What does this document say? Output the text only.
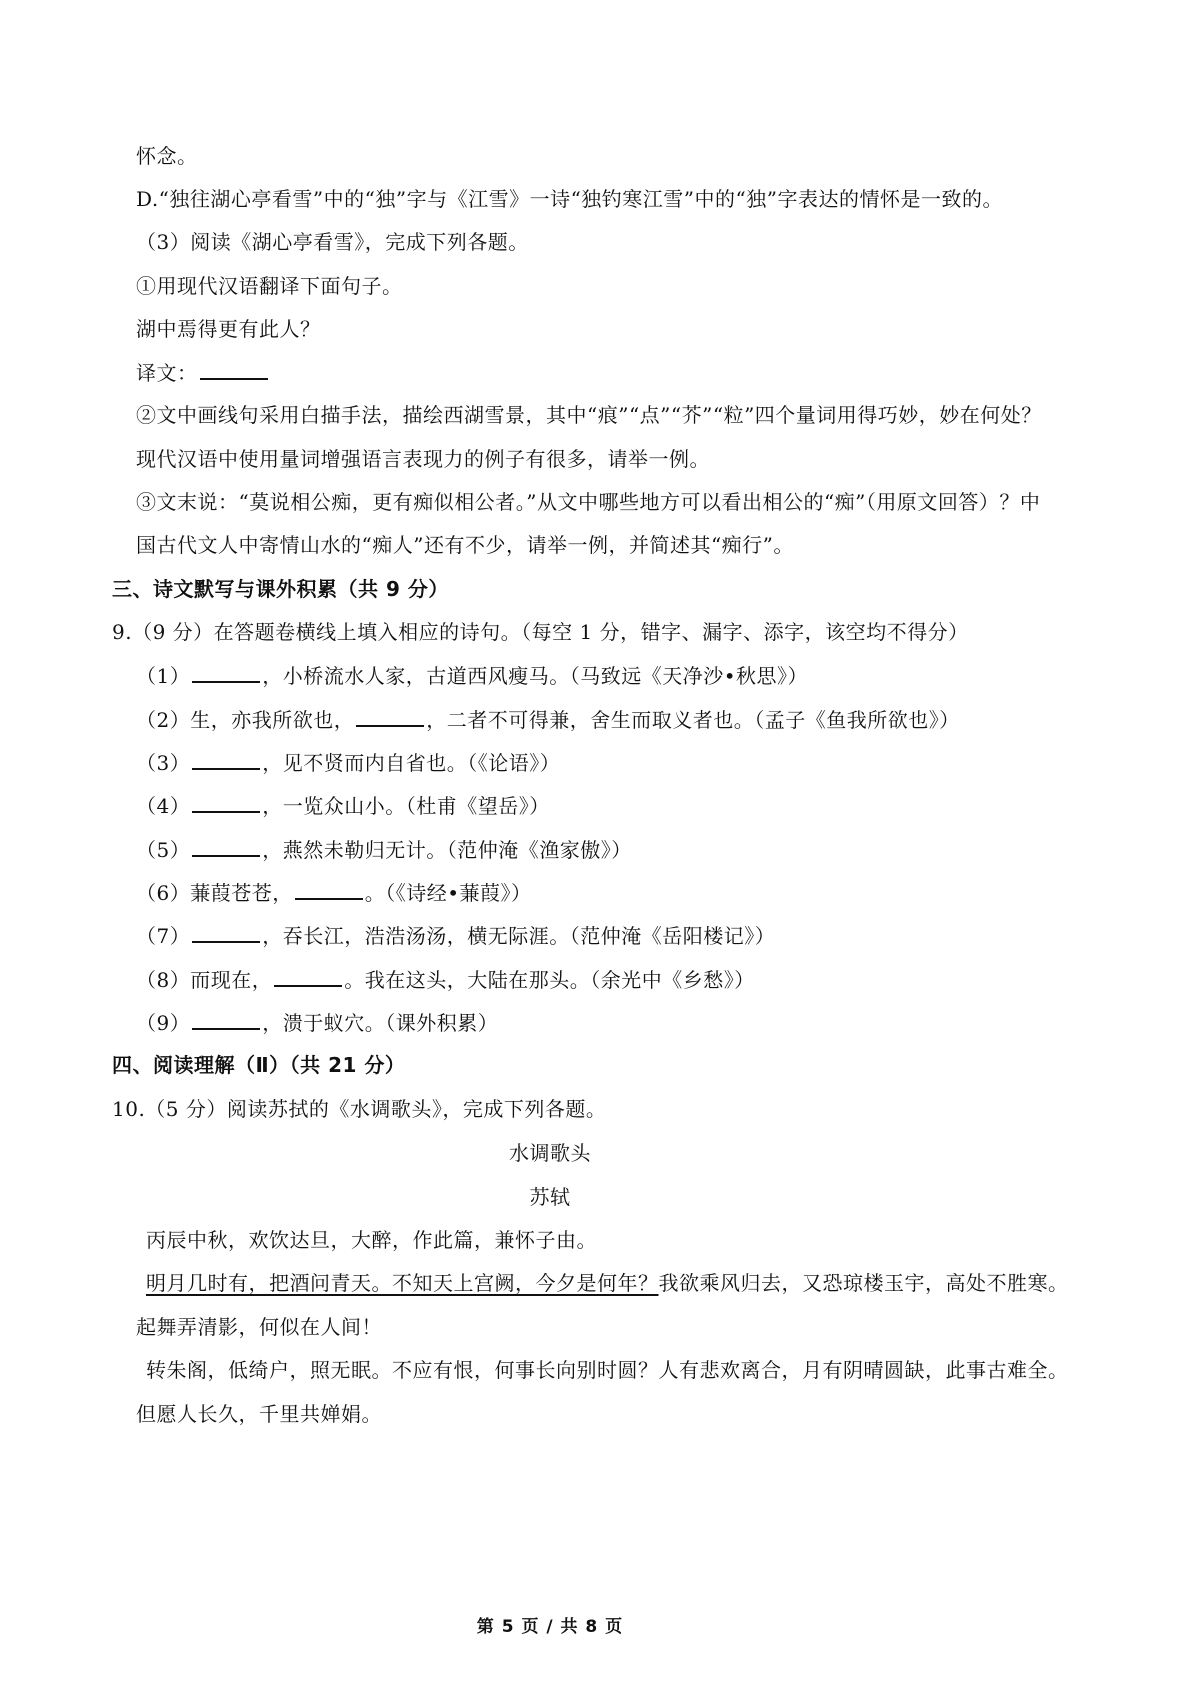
怀念。
D.“独往湖心亭看雪”中的“独”字与《江雪》一诗“独钓寒江雪”中的“独”字表达的情怀是一致的。
（3）阅读《湖心亭看雪》，完成下列各题。
①用现代汉语翻译下面句子。
湖中焉得更有此人？
译文：
②文中画线句采用白描手法，描绘西湖雪景，其中“痕”“点”“芥”“粒”四个量词用得巧妙，妙在何处？
现代汉语中使用量词增强语言表现力的例子有很多，请举一例。
③文末说：“莫说相公痴，更有痴似相公者。”从文中哪些地方可以看出相公的“痴”（用原文回答）？中
国古代文人中寄情山水的“痴人”还有不少，请举一例，并简述其“痴行”。
三、诗文默写与课外积累（共 9 分）
9.（9 分）在答题卷横线上填入相应的诗句。（每空 1 分，错字、漏字、添字，该空均不得分）
（1）	，小桥流水人家，古道西风瘦马。（马致远《天净沙•秋思》）
（2）生，亦我所欲也，	，二者不可得兼，舍生而取义者也。（孟子《鱼我所欲也》）
（3）	，见不贤而内自省也。（《论语》）
（4）	，一览众山小。（杜甫《望岳》）
（5）	，燕然未勒归无计。（范仲淹《渔家傲》）
（6）蒹葭苍苍，	。（《诗经•蒹葭》）
（7）	，吞长江，浩浩汤汤，横无际涯。（范仲淹《岳阳楼记》）
（8）而现在，	。我在这头，大陆在那头。（余光中《乡愁》）
（9）	，溃于蚁穴。（课外积累）
四、阅读理解（Ⅱ）（共 21 分）
10.（5 分）阅读苏拭的《水调歌头》，完成下列各题。
水调歌头
苏轼
丙辰中秋，欢饮达旦，大醉，作此篇，兼怀子由。
明月几时有，把酒问青天。不知天上宫阙，今夕是何年？我欲乘风归去，又恐琼楼玉宇，高处不胜寒。
起舞弄清影，何似在人间！
转朱阁，低绮户，照无眠。不应有恨，何事长向别时圆？人有悲欢离合，月有阴晴圆缺，此事古难全。
但愿人长久，千里共婵娟。
第 5 页 / 共 8 页
